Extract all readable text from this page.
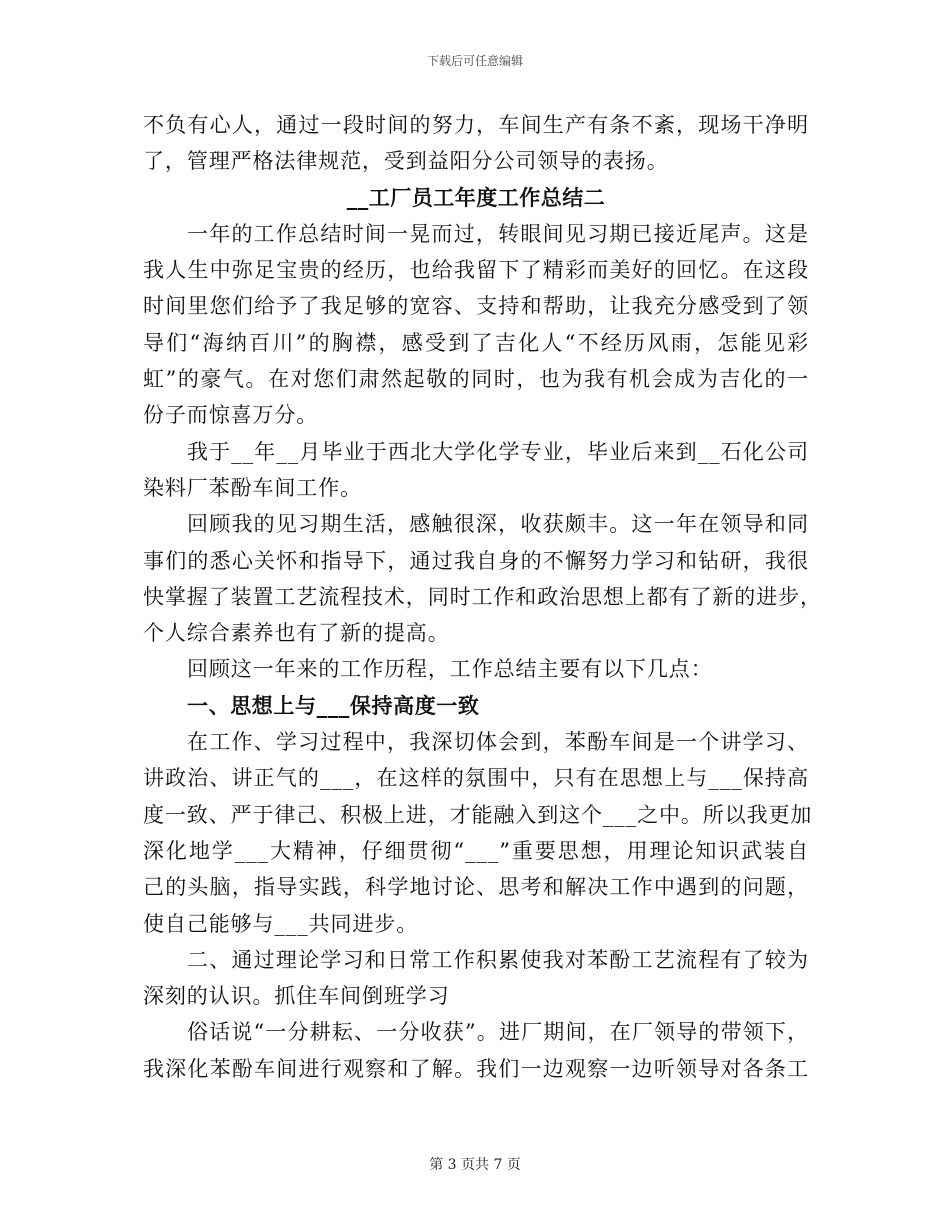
下载后可任意编辑
不负有心人，通过一段时间的努力，车间生产有条不紊，现场干净明
了，管理严格法律规范，受到益阳分公司领导的表扬。
__工厂员工年度工作总结二
一年的工作总结时间一晃而过，转眼间见习期已接近尾声。这是
我人生中弥足宝贵的经历，也给我留下了精彩而美好的回忆。在这段
时间里您们给予了我足够的宽容、支持和帮助，让我充分感受到了领
导们“海纳百川”的胸襟，感受到了吉化人“不经历风雨，怎能见彩
虹”的豪气。在对您们肃然起敬的同时，也为我有机会成为吉化的一
份子而惊喜万分。
我于__年__月毕业于西北大学化学专业，毕业后来到__石化公司
染料厂苯酚车间工作。
回顾我的见习期生活，感触很深，收获颇丰。这一年在领导和同
事们的悉心关怀和指导下，通过我自身的不懈努力学习和钻研，我很
快掌握了装置工艺流程技术，同时工作和政治思想上都有了新的进步，
个人综合素养也有了新的提高。
回顾这一年来的工作历程，工作总结主要有以下几点：
一、思想上与___保持高度一致
在工作、学习过程中，我深切体会到，苯酚车间是一个讲学习、
讲政治、讲正气的___，在这样的氛围中，只有在思想上与___保持高
度一致、严于律己、积极上进，才能融入到这个___之中。所以我更加
深化地学___大精神，仔细贯彻“___”重要思想，用理论知识武装自
己的头脑，指导实践，科学地讨论、思考和解决工作中遇到的问题，
使自己能够与___共同进步。
二、通过理论学习和日常工作积累使我对苯酚工艺流程有了较为
深刻的认识。抓住车间倒班学习
俗话说“一分耕耘、一分收获”。进厂期间，在厂领导的带领下，
我深化苯酚车间进行观察和了解。我们一边观察一边听领导对各条工
第 3 页共 7 页
